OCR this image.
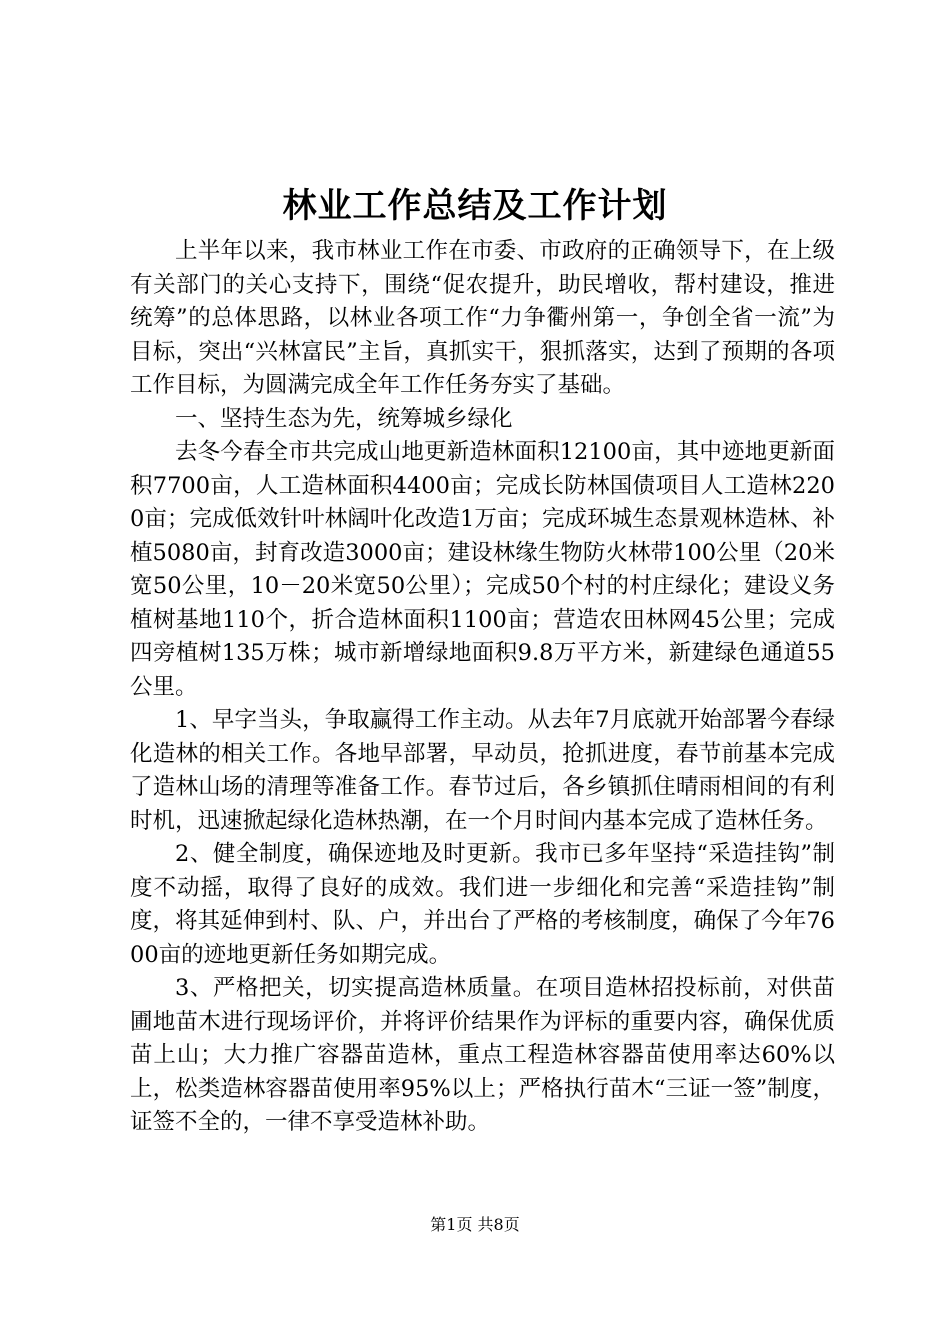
林业工作总结及工作计划

上半年以来，我市林业工作在市委、市政府的正确领导下，在上级有关部门的关心支持下，围绕“促农提升，助民增收，帮村建设，推进统筹”的总体思路，以林业各项工作“力争衢州第一，争创全省一流”为目标，突出“兴林富民”主旨，真抓实干，狠抓落实，达到了预期的各项工作目标，为圆满完成全年工作任务夯实了基础。

一、坚持生态为先，统筹城乡绿化

去冬今春全市共完成山地更新造林面积12100亩，其中迹地更新面积7700亩，人工造林面积4400亩；完成长防林国债项目人工造林2200亩；完成低效针叶林阔叶化改造1万亩；完成环城生态景观林造林、补植5080亩，封育改造3000亩；建设林缘生物防火林带100公里（20米宽50公里，10－20米宽50公里）；完成50个村的村庄绿化；建设义务植树基地110个，折合造林面积1100亩；营造农田林网45公里；完成四旁植树135万株；城市新增绿地面积9.8万平方米，新建绿色通道55公里。

1、早字当头，争取赢得工作主动。从去年7月底就开始部署今春绿化造林的相关工作。各地早部署，早动员，抢抓进度，春节前基本完成了造林山场的清理等准备工作。春节过后，各乡镇抓住晴雨相间的有利时机，迅速掀起绿化造林热潮，在一个月时间内基本完成了造林任务。

2、健全制度，确保迹地及时更新。我市已多年坚持“采造挂钩”制度不动摇，取得了良好的成效。我们进一步细化和完善“采造挂钩”制度，将其延伸到村、队、户，并出台了严格的考核制度，确保了今年7600亩的迹地更新任务如期完成。

3、严格把关，切实提高造林质量。在项目造林招投标前，对供苗圃地苗木进行现场评价，并将评价结果作为评标的重要内容，确保优质苗上山；大力推广容器苗造林，重点工程造林容器苗使用率达60%以上，松类造林容器苗使用率95%以上；严格执行苗木“三证一签”制度，证签不全的，一律不享受造林补助。

第1页 共8页
